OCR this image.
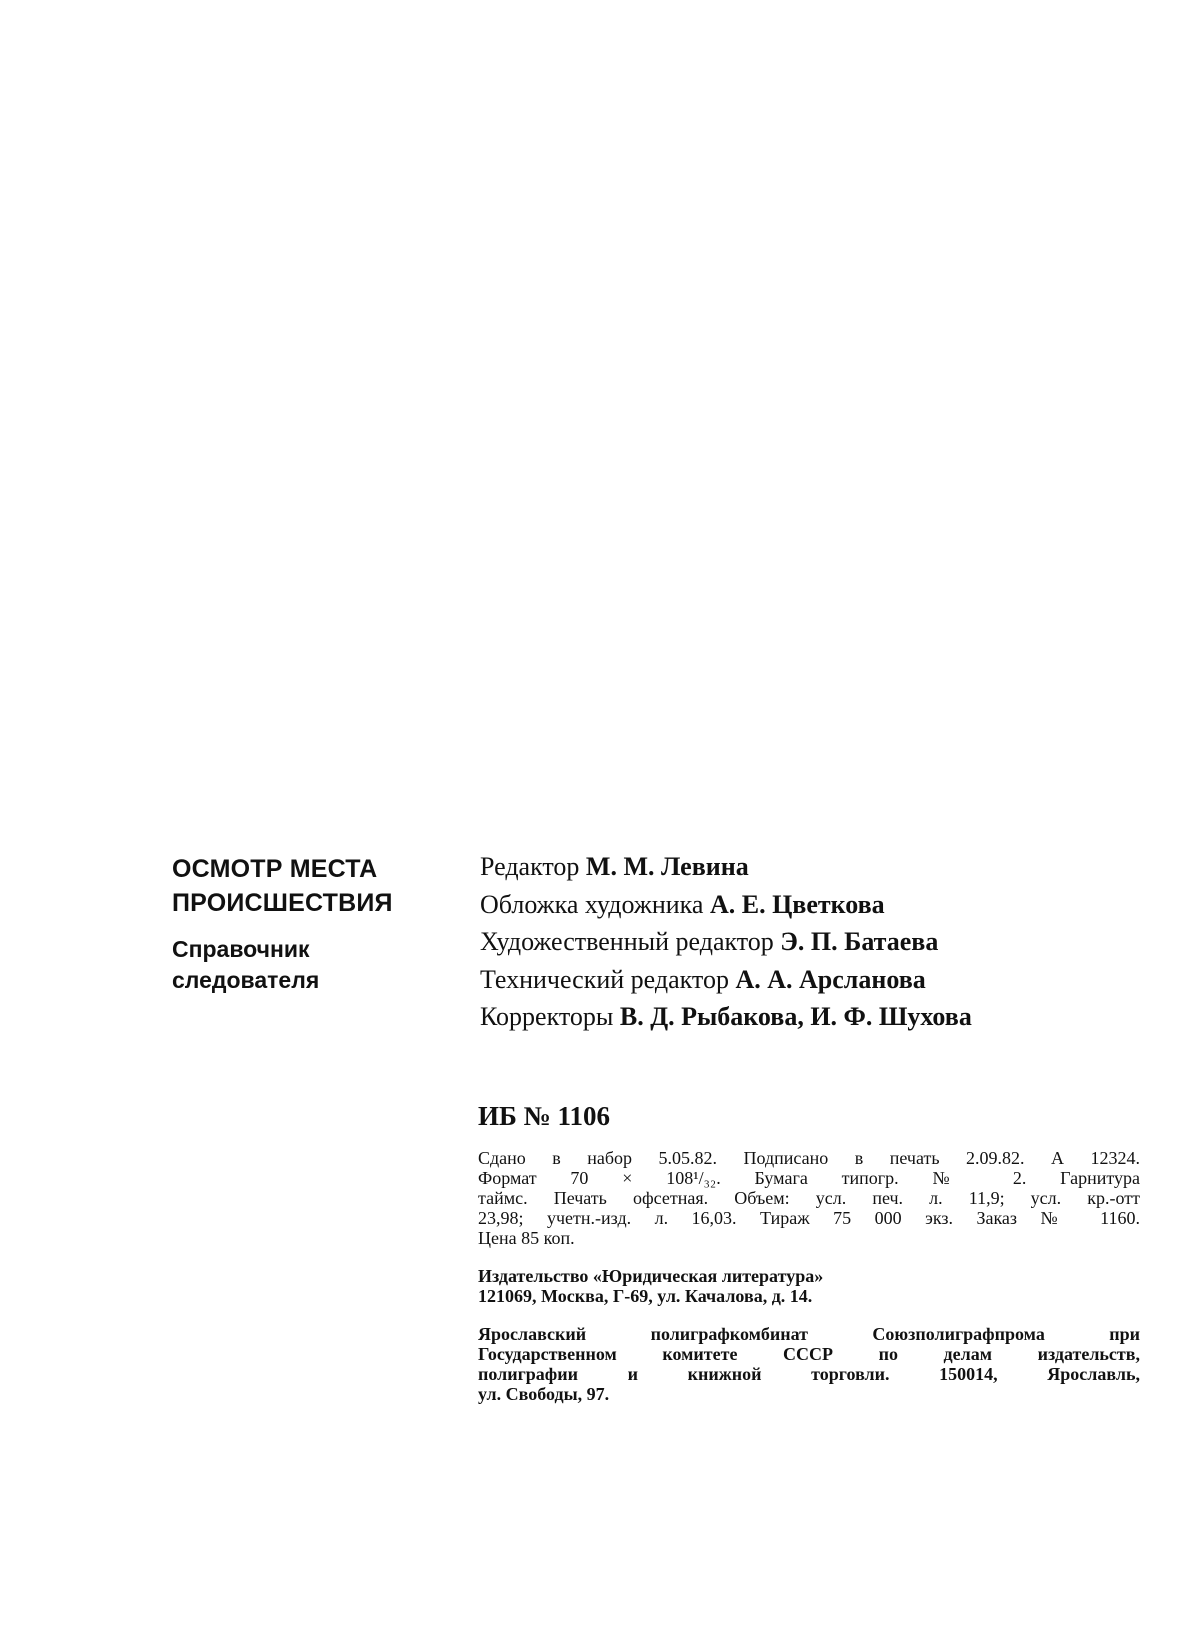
ОСМОТР МЕСТА
ПРОИСШЕСТВИЯ
Справочник
следователя
Редактор М. М. Левина
Обложка художника А. Е. Цветкова
Художественный редактор Э. П. Батаева
Технический редактор А. А. Арсланова
Корректоры В. Д. Рыбакова, И. Ф. Шухова
ИБ № 1106
Сдано в набор 5.05.82. Подписано в печать 2.09.82. А 12324.
Формат 70 × 108¹/₃₂. Бумага типогр. № 2. Гарнитура
таймс. Печать офсетная. Объем: усл. печ. л. 11,9; усл. кр.-отт
23,98; учетн.-изд. л. 16,03. Тираж 75 000 экз. Заказ № 1160.
Цена 85 коп.
Издательство «Юридическая литература»
121069, Москва, Г-69, ул. Качалова, д. 14.
Ярославский полиграфкомбинат Союзполиграфпрома при
Государственном комитете СССР по делам издательств,
полиграфии и книжной торговли. 150014, Ярославль,
ул. Свободы, 97.
